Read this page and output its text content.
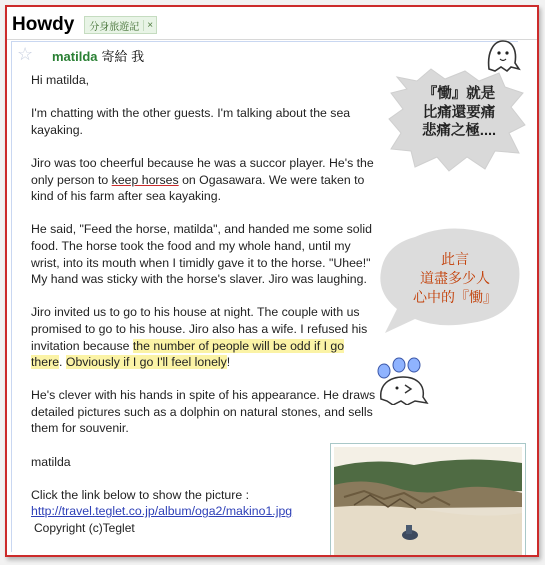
Howdy 分身旅遊記 ×
☆ matilda 寄給 我

Hi matilda,

I'm chatting with the other guests. I'm talking about the sea kayaking.

Jiro was too cheerful because he was a succor player. He's the only person to keep horses on Ogasawara. We were taken to kind of his farm after sea kayaking.

He said, "Feed the horse, matilda", and handed me some solid food. The horse took the food and my whole hand, until my wrist, into its mouth when I timidly gave it to the horse. "Uhee!" My hand was sticky with the horse's slaver. Jiro was laughing.

Jiro invited us to go to his house at night. The couple with us promised to go to his house. Jiro also has a wife. I refused his invitation because the number of people will be odd if I go there. Obviously if I go I'll feel lonely!

He's clever with his hands in spite of his appearance. He draws detailed pictures such as a dolphin on natural stones, and sells them for souvenir.

matilda

Click the link below to show the picture :
http://travel.teglet.co.jp/album/oga2/makino1.jpg
Copyright (c)Teglet

『慟』就是
比痛還要痛
悲痛之極....
此言
道盡多少人
心中的『慟』
